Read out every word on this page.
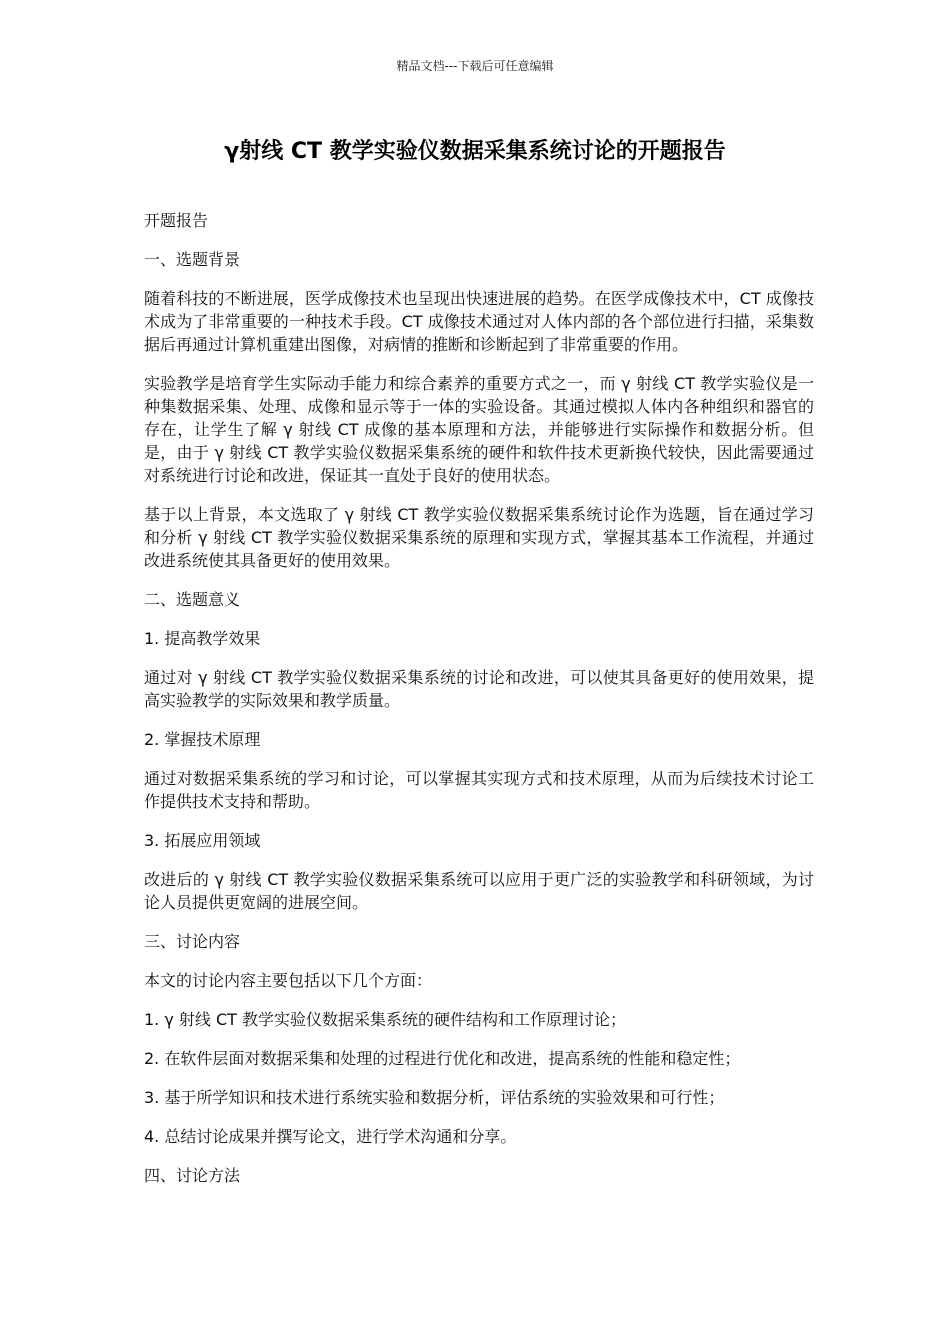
精品文档---下载后可任意编辑
γ射线 CT 教学实验仪数据采集系统讨论的开题报告

开题报告

一、选题背景

随着科技的不断进展，医学成像技术也呈现出快速进展的趋势。在医学成像技术中，CT 成像技术成为了非常重要的一种技术手段。CT 成像技术通过对人体内部的各个部位进行扫描，采集数据后再通过计算机重建出图像，对病情的推断和诊断起到了非常重要的作用。

实验教学是培育学生实际动手能力和综合素养的重要方式之一，而 γ 射线 CT 教学实验仪是一种集数据采集、处理、成像和显示等于一体的实验设备。其通过模拟人体内各种组织和器官的存在，让学生了解 γ 射线 CT 成像的基本原理和方法，并能够进行实际操作和数据分析。但是，由于 γ 射线 CT 教学实验仪数据采集系统的硬件和软件技术更新换代较快，因此需要通过对系统进行讨论和改进，保证其一直处于良好的使用状态。

基于以上背景，本文选取了 γ 射线 CT 教学实验仪数据采集系统讨论作为选题，旨在通过学习和分析 γ 射线 CT 教学实验仪数据采集系统的原理和实现方式，掌握其基本工作流程，并通过改进系统使其具备更好的使用效果。

二、选题意义

1. 提高教学效果

通过对 γ 射线 CT 教学实验仪数据采集系统的讨论和改进，可以使其具备更好的使用效果，提高实验教学的实际效果和教学质量。

2. 掌握技术原理

通过对数据采集系统的学习和讨论，可以掌握其实现方式和技术原理，从而为后续技术讨论工作提供技术支持和帮助。

3. 拓展应用领域

改进后的 γ 射线 CT 教学实验仪数据采集系统可以应用于更广泛的实验教学和科研领域，为讨论人员提供更宽阔的进展空间。

三、讨论内容

本文的讨论内容主要包括以下几个方面：

1. γ 射线 CT 教学实验仪数据采集系统的硬件结构和工作原理讨论；

2. 在软件层面对数据采集和处理的过程进行优化和改进，提高系统的性能和稳定性；

3. 基于所学知识和技术进行系统实验和数据分析，评估系统的实验效果和可行性；

4. 总结讨论成果并撰写论文，进行学术沟通和分享。

四、讨论方法
